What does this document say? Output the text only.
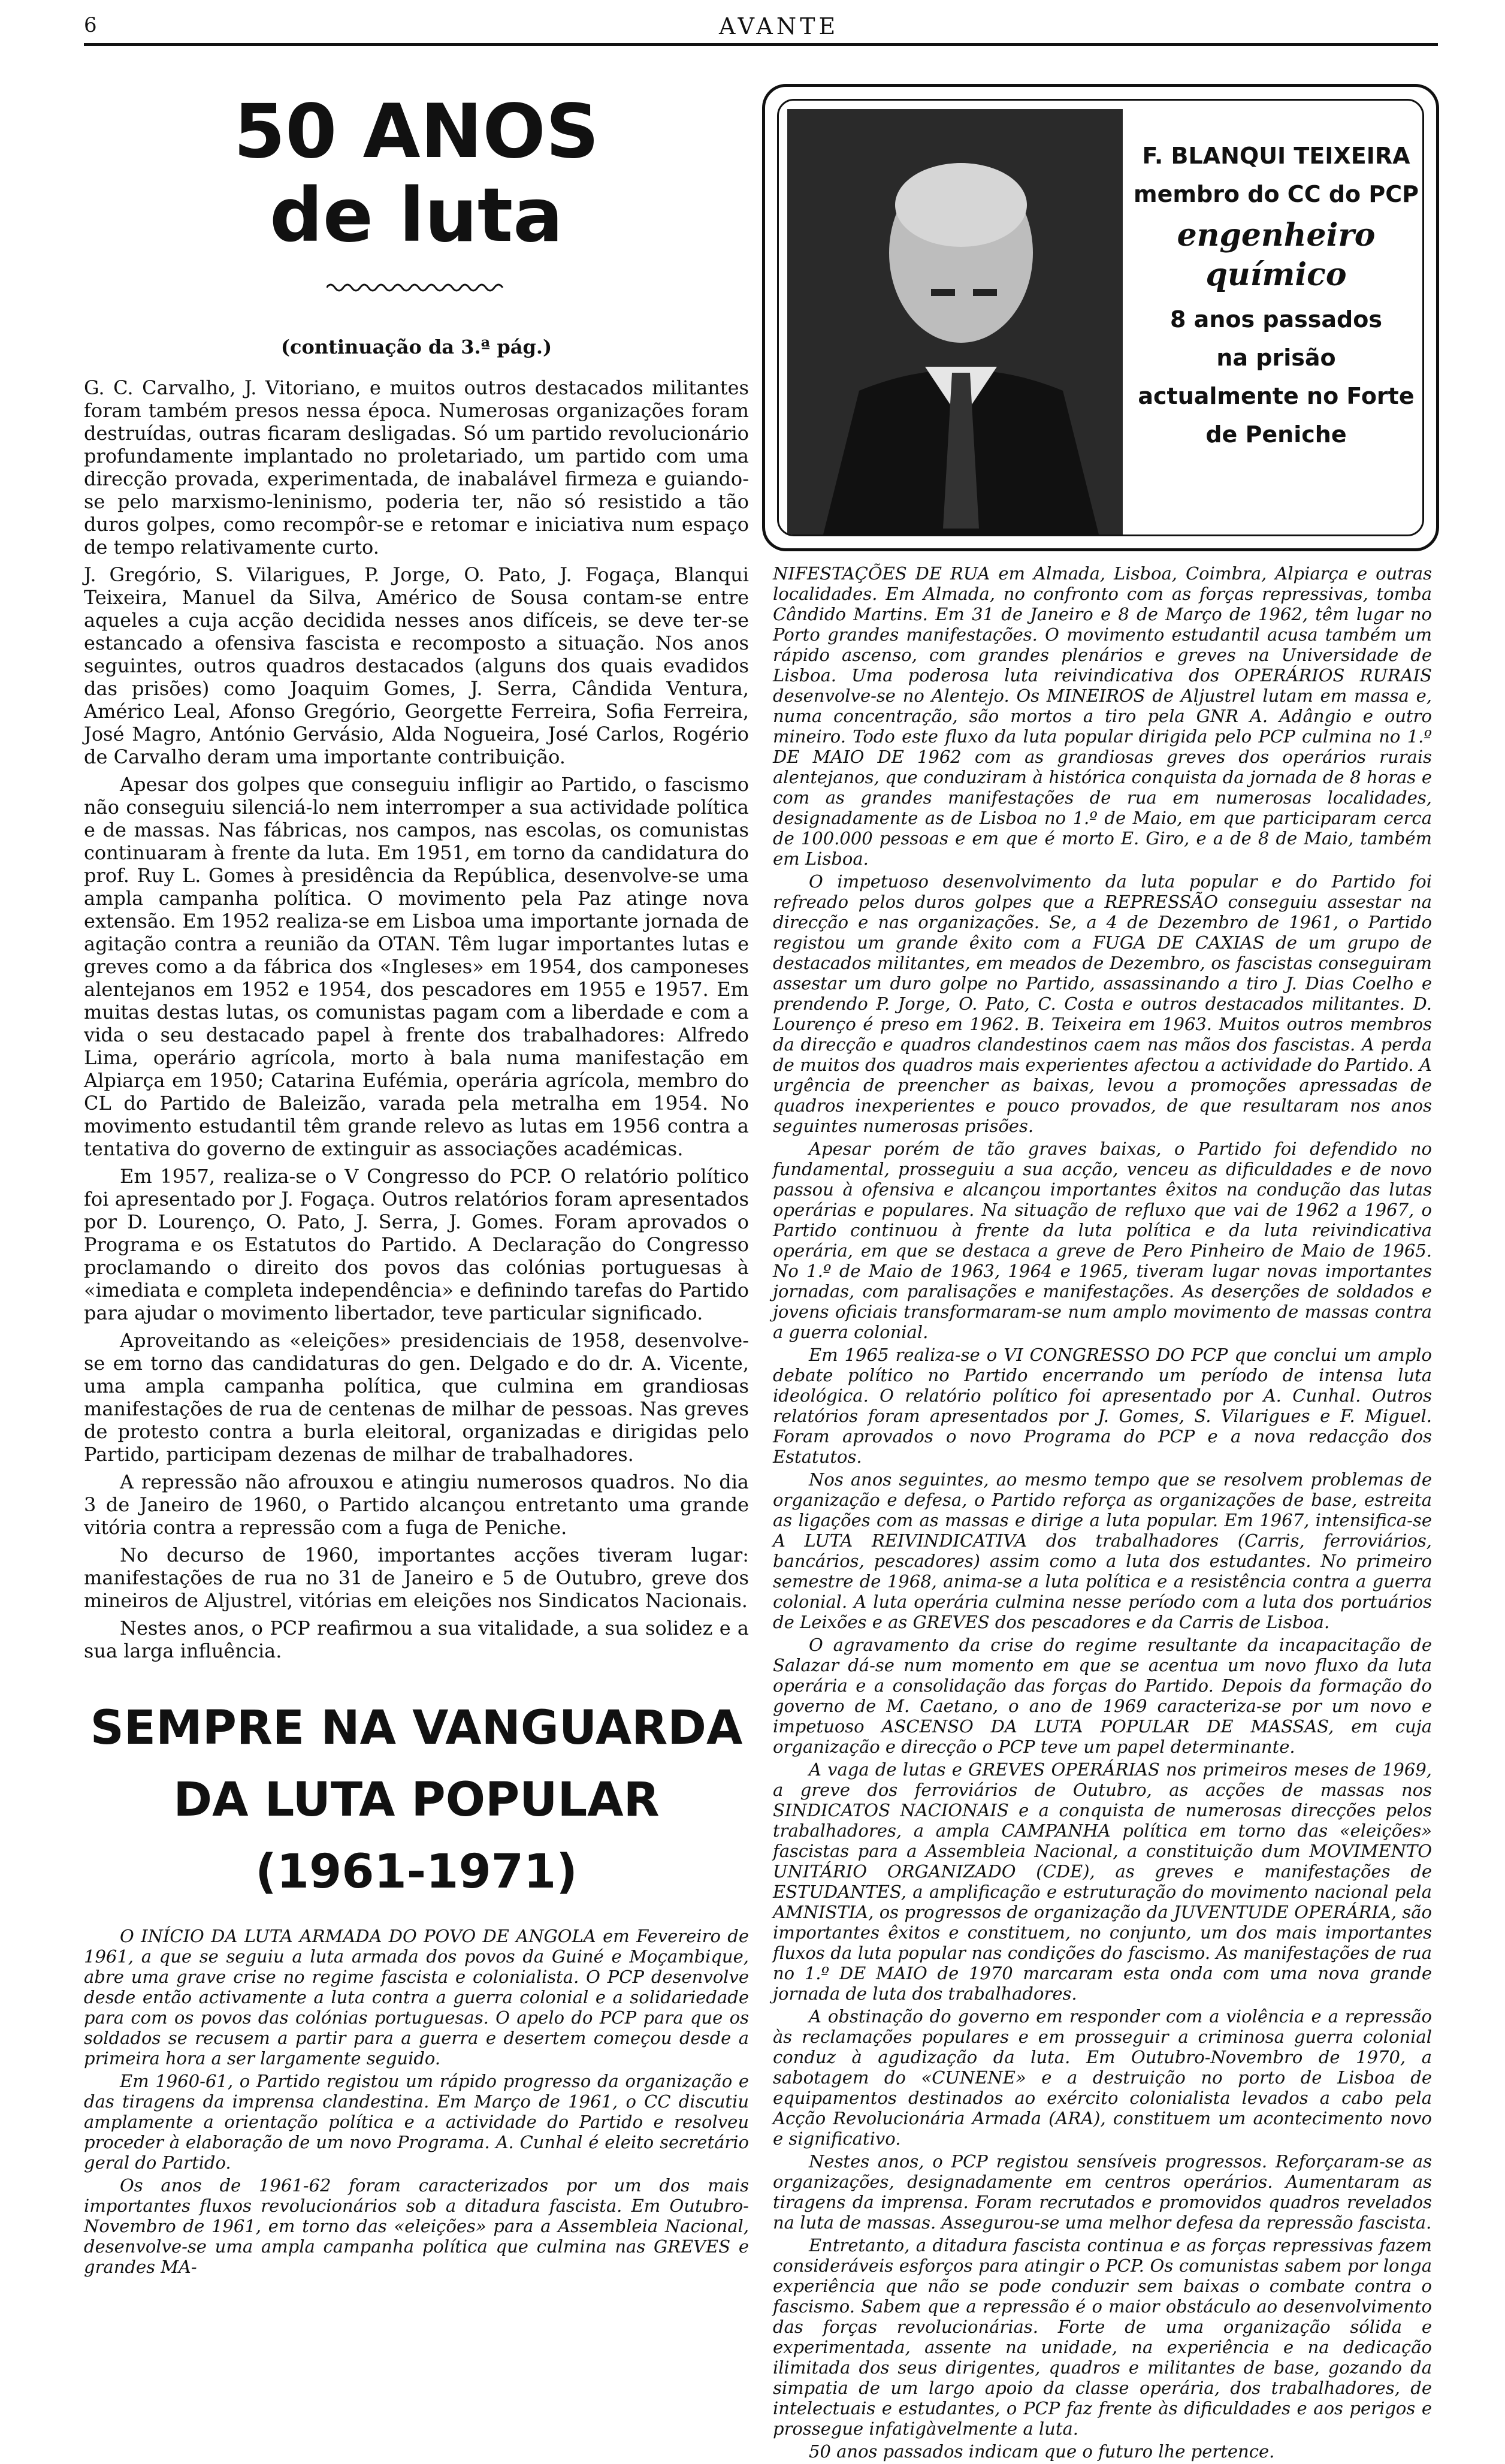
6	AVANTE
50 ANOS
de luta
(continuação da 3.ª pág.)

G. C. Carvalho, J. Vitoriano, e muitos outros destacados militantes foram também presos nessa época. Numerosas organizações foram destruídas, outras ficaram desligadas. Só um partido revolucionário profundamente implantado no proletariado, um partido com uma direcção provada, experimentada, de inabalável firmeza e guiando-se pelo marxismo-leninismo, poderia ter, não só resistido a tão duros golpes, como recompôr-se e retomar e iniciativa num espaço de tempo relativamente curto.

J. Gregório, S. Vilarigues, P. Jorge, O. Pato, J. Fogaça, Blanqui Teixeira, Manuel da Silva, Américo de Sousa contam-se entre aqueles a cuja acção decidida nesses anos difíceis, se deve ter-se estancado a ofensiva fascista e recomposto a situação. Nos anos seguintes, outros quadros destacados (alguns dos quais evadidos das prisões) como Joaquim Gomes, J. Serra, Cândida Ventura, Américo Leal, Afonso Gregório, Georgette Ferreira, Sofia Ferreira, José Magro, António Gervásio, Alda Nogueira, José Carlos, Rogério de Carvalho deram uma importante contribuição.

Apesar dos golpes que conseguiu infligir ao Partido, o fascismo não conseguiu silenciá-lo nem interromper a sua actividade política e de massas. Nas fábricas, nos campos, nas escolas, os comunistas continuaram à frente da luta. Em 1951, em torno da candidatura do prof. Ruy L. Gomes à presidência da República, desenvolve-se uma ampla campanha política. O movimento pela Paz atinge nova extensão. Em 1952 realiza-se em Lisboa uma importante jornada de agitação contra a reunião da OTAN. Têm lugar importantes lutas e greves como a da fábrica dos «Ingleses» em 1954, dos camponeses alentejanos em 1952 e 1954, dos pescadores em 1955 e 1957. Em muitas destas lutas, os comunistas pagam com a liberdade e com a vida o seu destacado papel à frente dos trabalhadores: Alfredo Lima, operário agrícola, morto à bala numa manifestação em Alpiarça em 1950; Catarina Eufémia, operária agrícola, membro do CL do Partido de Baleizão, varada pela metralha em 1954. No movimento estudantil têm grande relevo as lutas em 1956 contra a tentativa do governo de extinguir as associações académicas.

Em 1957, realiza-se o V Congresso do PCP. O relatório político foi apresentado por J. Fogaça. Outros relatórios foram apresentados por D. Lourenço, O. Pato, J. Serra, J. Gomes. Foram aprovados o Programa e os Estatutos do Partido. A Declaração do Congresso proclamando o direito dos povos das colónias portuguesas à «imediata e completa independência» e definindo tarefas do Partido para ajudar o movimento libertador, teve particular significado.

Aproveitando as «eleições» presidenciais de 1958, desenvolve-se em torno das candidaturas do gen. Delgado e do dr. A. Vicente, uma ampla campanha política, que culmina em grandiosas manifestações de rua de centenas de milhar de pessoas. Nas greves de protesto contra a burla eleitoral, organizadas e dirigidas pelo Partido, participam dezenas de milhar de trabalhadores.

A repressão não afrouxou e atingiu numerosos quadros. No dia 3 de Janeiro de 1960, o Partido alcançou entretanto uma grande vitória contra a repressão com a fuga de Peniche.

No decurso de 1960, importantes acções tiveram lugar: manifestações de rua no 31 de Janeiro e 5 de Outubro, greve dos mineiros de Aljustrel, vitórias em eleições nos Sindicatos Nacionais.

Nestes anos, o PCP reafirmou a sua vitalidade, a sua solidez e a sua larga influência.

SEMPRE NA VANGUARDA
DA LUTA POPULAR
(1961-1971)

O INÍCIO DA LUTA ARMADA DO POVO DE ANGOLA em Fevereiro de 1961, a que se seguiu a luta armada dos povos da Guiné e Moçambique, abre uma grave crise no regime fascista e colonialista. O PCP desenvolve desde então activamente a luta contra a guerra colonial e a solidariedade para com os povos das colónias portuguesas. O apelo do PCP para que os soldados se recusem a partir para a guerra e desertem começou desde a primeira hora a ser largamente seguido.

Em 1960-61, o Partido registou um rápido progresso da organização e das tiragens da imprensa clandestina. Em Março de 1961, o CC discutiu amplamente a orientação política e a actividade do Partido e resolveu proceder à elaboração de um novo Programa. A. Cunhal é eleito secretário geral do Partido.

Os anos de 1961-62 foram caracterizados por um dos mais importantes fluxos revolucionários sob a ditadura fascista. Em Outubro-Novembro de 1961, em torno das «eleições» para a Assembleia Nacional, desenvolve-se uma ampla campanha política que culmina nas GREVES e grandes MA-

F. BLANQUI TEIXEIRA
membro do CC do PCP
engenheiro
químico
8 anos passados
na prisão
actualmente no Forte
de Peniche

NIFESTAÇÕES DE RUA em Almada, Lisboa, Coimbra, Alpiarça e outras localidades. Em Almada, no confronto com as forças repressivas, tomba Cândido Martins. Em 31 de Janeiro e 8 de Março de 1962, têm lugar no Porto grandes manifestações. O movimento estudantil acusa também um rápido ascenso, com grandes plenários e greves na Universidade de Lisboa. Uma poderosa luta reivindicativa dos OPERÁRIOS RURAIS desenvolve-se no Alentejo. Os MINEIROS de Aljustrel lutam em massa e, numa concentração, são mortos a tiro pela GNR A. Adângio e outro mineiro. Todo este fluxo da luta popular dirigida pelo PCP culmina no 1.º DE MAIO DE 1962 com as grandiosas greves dos operários rurais alentejanos, que conduziram à histórica conquista da jornada de 8 horas e com as grandes manifestações de rua em numerosas localidades, designadamente as de Lisboa no 1.º de Maio, em que participaram cerca de 100.000 pessoas e em que é morto E. Giro, e a de 8 de Maio, também em Lisboa.

O impetuoso desenvolvimento da luta popular e do Partido foi refreado pelos duros golpes que a REPRESSÃO conseguiu assestar na direcção e nas organizações. Se, a 4 de Dezembro de 1961, o Partido registou um grande êxito com a FUGA DE CAXIAS de um grupo de destacados militantes, em meados de Dezembro, os fascistas conseguiram assestar um duro golpe no Partido, assassinando a tiro J. Dias Coelho e prendendo P. Jorge, O. Pato, C. Costa e outros destacados militantes. D. Lourenço é preso em 1962. B. Teixeira em 1963. Muitos outros membros da direcção e quadros clandestinos caem nas mãos dos fascistas. A perda de muitos dos quadros mais experientes afectou a actividade do Partido. A urgência de preencher as baixas, levou a promoções apressadas de quadros inexperientes e pouco provados, de que resultaram nos anos seguintes numerosas prisões.

Apesar porém de tão graves baixas, o Partido foi defendido no fundamental, prosseguiu a sua acção, venceu as dificuldades e de novo passou à ofensiva e alcançou importantes êxitos na condução das lutas operárias e populares. Na situação de refluxo que vai de 1962 a 1967, o Partido continuou à frente da luta política e da luta reivindicativa operária, em que se destaca a greve de Pero Pinheiro de Maio de 1965. No 1.º de Maio de 1963, 1964 e 1965, tiveram lugar novas importantes jornadas, com paralisações e manifestações. As deserções de soldados e jovens oficiais transformaram-se num amplo movimento de massas contra a guerra colonial.

Em 1965 realiza-se o VI CONGRESSO DO PCP que conclui um amplo debate político no Partido encerrando um período de intensa luta ideológica. O relatório político foi apresentado por A. Cunhal. Outros relatórios foram apresentados por J. Gomes, S. Vilarigues e F. Miguel. Foram aprovados o novo Programa do PCP e a nova redacção dos Estatutos.

Nos anos seguintes, ao mesmo tempo que se resolvem problemas de organização e defesa, o Partido reforça as organizações de base, estreita as ligações com as massas e dirige a luta popular. Em 1967, intensifica-se A LUTA REIVINDICATIVA dos trabalhadores (Carris, ferroviários, bancários, pescadores) assim como a luta dos estudantes. No primeiro semestre de 1968, anima-se a luta política e a resistência contra a guerra colonial. A luta operária culmina nesse período com a luta dos portuários de Leixões e as GREVES dos pescadores e da Carris de Lisboa.

O agravamento da crise do regime resultante da incapacitação de Salazar dá-se num momento em que se acentua um novo fluxo da luta operária e a consolidação das forças do Partido. Depois da formação do governo de M. Caetano, o ano de 1969 caracteriza-se por um novo e impetuoso ASCENSO DA LUTA POPULAR DE MASSAS, em cuja organização e direcção o PCP teve um papel determinante.

A vaga de lutas e GREVES OPERÁRIAS nos primeiros meses de 1969, a greve dos ferroviários de Outubro, as acções de massas nos SINDICATOS NACIONAIS e a conquista de numerosas direcções pelos trabalhadores, a ampla CAMPANHA política em torno das «eleições» fascistas para a Assembleia Nacional, a constituição dum MOVIMENTO UNITÁRIO ORGANIZADO (CDE), as greves e manifestações de ESTUDANTES, a amplificação e estruturação do movimento nacional pela AMNISTIA, os progressos de organização da JUVENTUDE OPERÁRIA, são importantes êxitos e constituem, no conjunto, um dos mais importantes fluxos da luta popular nas condições do fascismo. As manifestações de rua no 1.º DE MAIO de 1970 marcaram esta onda com uma nova grande jornada de luta dos trabalhadores.

A obstinação do governo em responder com a violência e a repressão às reclamações populares e em prosseguir a criminosa guerra colonial conduz à agudização da luta. Em Outubro-Novembro de 1970, a sabotagem do «CUNENE» e a destruição no porto de Lisboa de equipamentos destinados ao exército colonialista levados a cabo pela Acção Revolucionária Armada (ARA), constituem um acontecimento novo e significativo.

Nestes anos, o PCP registou sensíveis progressos. Reforçaram-se as organizações, designadamente em centros operários. Aumentaram as tiragens da imprensa. Foram recrutados e promovidos quadros revelados na luta de massas. Assegurou-se uma melhor defesa da repressão fascista.

Entretanto, a ditadura fascista continua e as forças repressivas fazem consideráveis esforços para atingir o PCP. Os comunistas sabem por longa experiência que não se pode conduzir sem baixas o combate contra o fascismo. Sabem que a repressão é o maior obstáculo ao desenvolvimento das forças revolucionárias. Forte de uma organização sólida e experimentada, assente na unidade, na experiência e na dedicação ilimitada dos seus dirigentes, quadros e militantes de base, gozando da simpatia de um largo apoio da classe operária, dos trabalhadores, de intelectuais e estudantes, o PCP faz frente às dificuldades e aos perigos e prossegue infatigàvelmente a luta.

50 anos passados indicam que o futuro lhe pertence.
